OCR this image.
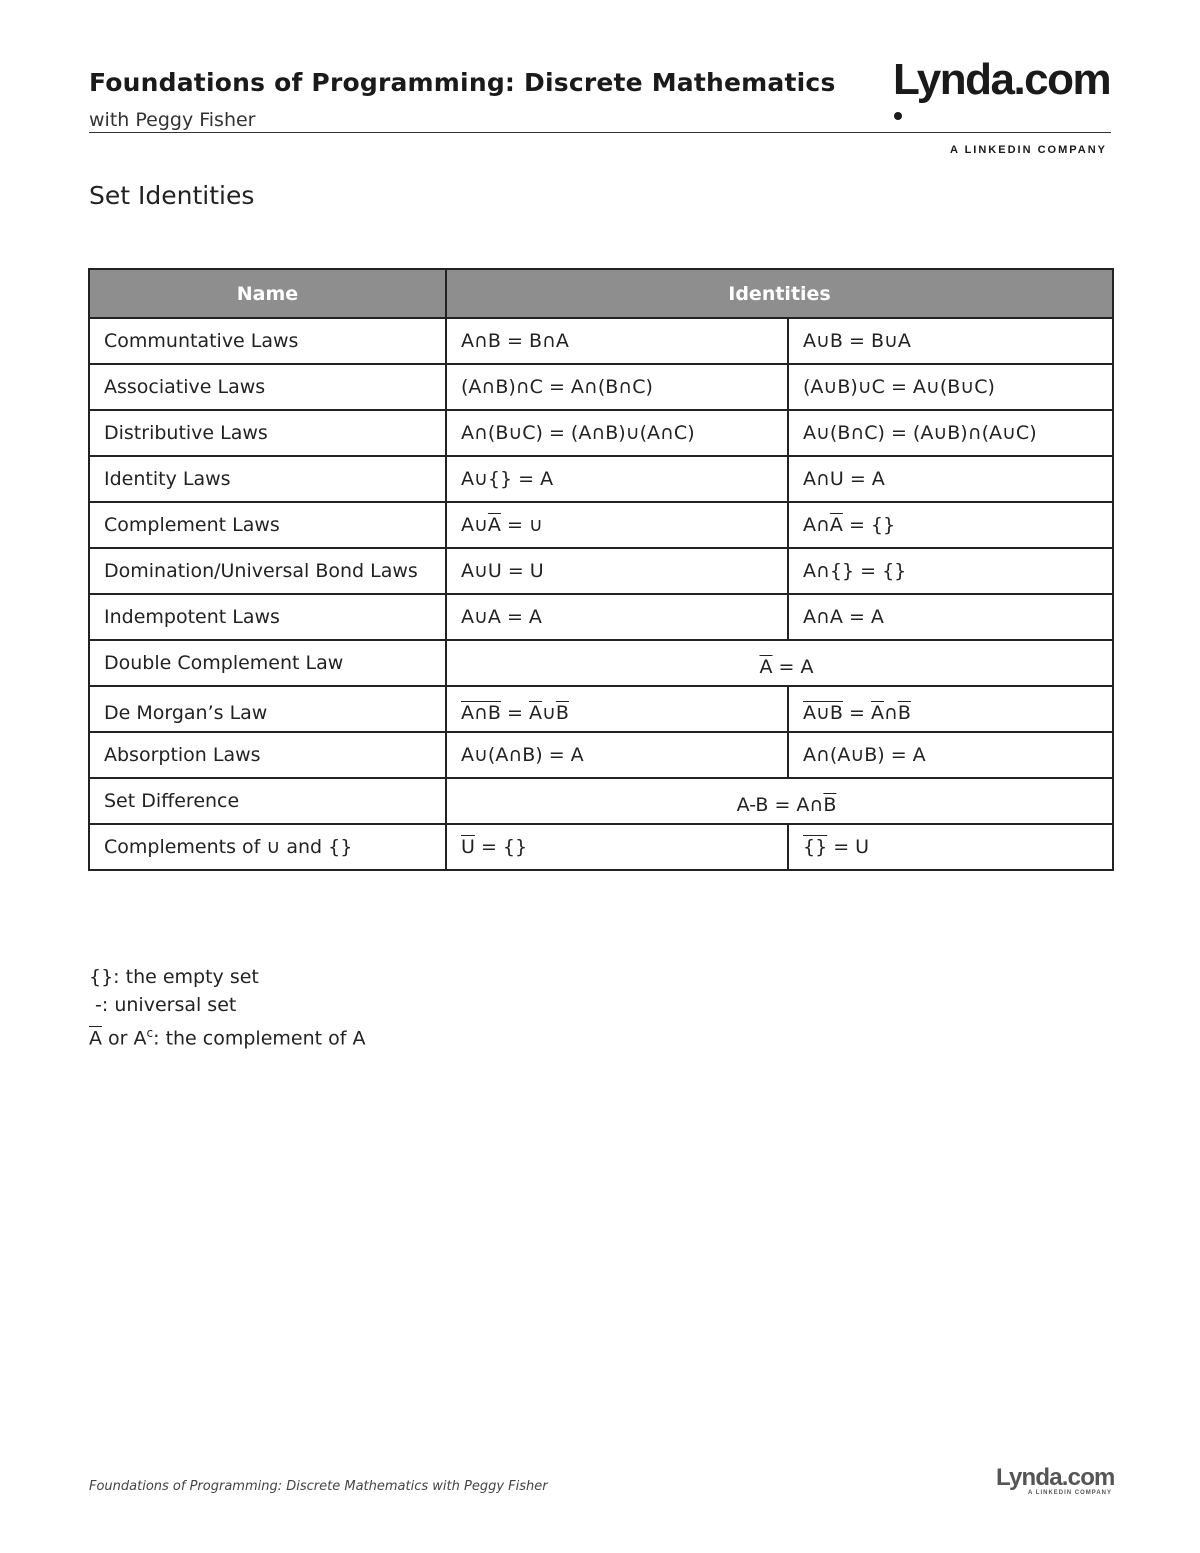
Foundations of Programming: Discrete Mathematics
with Peggy Fisher
Lynda.com
A LINKEDIN COMPANY
Set Identities
Name	Identities	
Communtative Laws	A∩B = B∩A	A∪B = B∪A
Associative Laws	(A∩B)∩C = A∩(B∩C)	(A∪B)∪C = A∪(B∪C)
Distributive Laws	A∩(B∪C) = (A∩B)∪(A∩C)	A∪(B∩C) = (A∪B)∩(A∪C)
Identity Laws	A∪{} = A	A∩U = A
Complement Laws	$A\cup\overline{A}$ = ∪	$A\cap\overline{A}$ = {}
Domination/Universal Bond Laws	A∪U = U	A∩{} = {}
Indempotent Laws	A∪A = A	A∩A = A
Double Complement Law	$\overline{A} = A$	
De Morgan’s Law	A∩B = $\overline{A}\cup\overline{B}$	A∪B = $\overline{A}\cap\overline{B}$
Absorption Laws	A∪(A∩B) = A	A∩(A∪B) = A
Set Difference	$A-B = A\cap\overline{B}$
Complements of ∪ and {}	$\overline{U}$ = {}	{} = U
{}: the empty set
-: universal set
$\overline{A}$ or $A^c$: the complement of A
Foundations of Programming: Discrete Mathematics with Peggy Fisher	Lynda.com
A LINKEDIN COMPANY
